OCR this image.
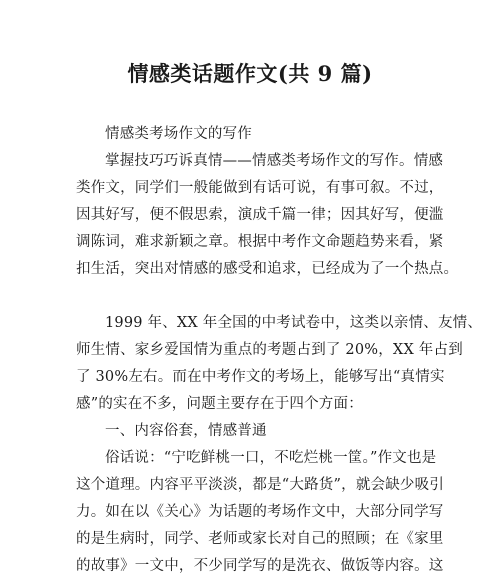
情感类话题作文(共 9 篇)
情感类考场作文的写作
掌握技巧巧诉真情——情感类考场作文的写作。情感
类作文，同学们一般能做到有话可说，有事可叙。不过，
因其好写，便不假思索，演成千篇一律；因其好写，便滥
调陈词，难求新颖之章。根据中考作文命题趋势来看，紧
扣生活，突出对情感的感受和追求，已经成为了一个热点。
1999 年、XX 年全国的中考试卷中，这类以亲情、友情、
师生情、家乡爱国情为重点的考题占到了 20%，XX 年占到
了 30%左右。而在中考作文的考场上，能够写出“真情实
感”的实在不多，问题主要存在于四个方面：
一、内容俗套，情感普通
俗话说：“宁吃鲜桃一口，不吃烂桃一筐。”作文也是
这个道理。内容平平淡淡，都是“大路货”，就会缺少吸引
力。如在以《关心》为话题的考场作文中，大部分同学写
的是生病时，同学、老师或家长对自己的照顾；在《家里
的故事》一文中，不少同学写的是洗衣、做饭等内容。这
